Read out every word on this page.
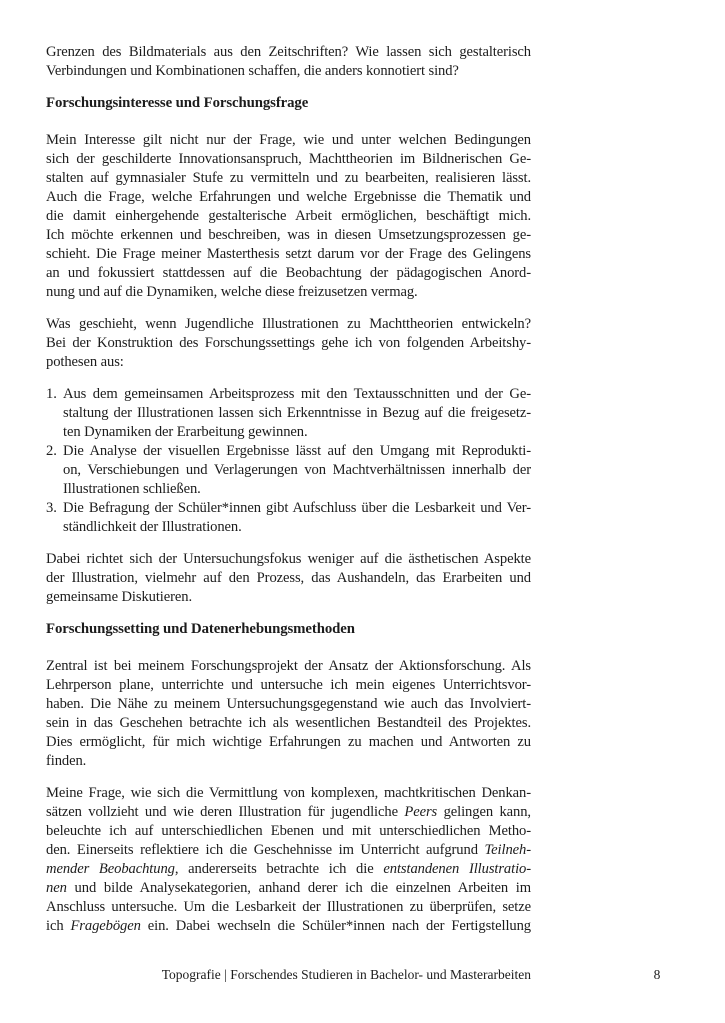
Grenzen des Bildmaterials aus den Zeitschriften? Wie lassen sich gestalterisch
Verbindungen und Kombinationen schaffen, die anders konnotiert sind?
Forschungsinteresse und Forschungsfrage
Mein Interesse gilt nicht nur der Frage, wie und unter welchen Bedingungen
sich der geschilderte Innovationsanspruch, Machttheorien im Bildnerischen Ge-
stalten auf gymnasialer Stufe zu vermitteln und zu bearbeiten, realisieren lässt.
Auch die Frage, welche Erfahrungen und welche Ergebnisse die Thematik und
die damit einhergehende gestalterische Arbeit ermöglichen, beschäftigt mich.
Ich möchte erkennen und beschreiben, was in diesen Umsetzungsprozessen ge-
schieht. Die Frage meiner Masterthesis setzt darum vor der Frage des Gelingens
an und fokussiert stattdessen auf die Beobachtung der pädagogischen Anord-
nung und auf die Dynamiken, welche diese freizusetzen vermag.
Was geschieht, wenn Jugendliche Illustrationen zu Machttheorien entwickeln?
Bei der Konstruktion des Forschungssettings gehe ich von folgenden Arbeitshy-
pothesen aus:
1. Aus dem gemeinsamen Arbeitsprozess mit den Textausschnitten und der Ge-
staltung der Illustrationen lassen sich Erkenntnisse in Bezug auf die freigesetz-
ten Dynamiken der Erarbeitung gewinnen.
2. Die Analyse der visuellen Ergebnisse lässt auf den Umgang mit Reprodukti-
on, Verschiebungen und Verlagerungen von Machtverhältnissen innerhalb der
Illustrationen schließen.
3. Die Befragung der Schüler*innen gibt Aufschluss über die Lesbarkeit und Ver-
ständlichkeit der Illustrationen.
Dabei richtet sich der Untersuchungsfokus weniger auf die ästhetischen Aspekte
der Illustration, vielmehr auf den Prozess, das Aushandeln, das Erarbeiten und
gemeinsame Diskutieren.
Forschungssetting und Datenerhebungsmethoden
Zentral ist bei meinem Forschungsprojekt der Ansatz der Aktionsforschung. Als
Lehrperson plane, unterrichte und untersuche ich mein eigenes Unterrichtsvor-
haben. Die Nähe zu meinem Untersuchungsgegenstand wie auch das Involviert-
sein in das Geschehen betrachte ich als wesentlichen Bestandteil des Projektes.
Dies ermöglicht, für mich wichtige Erfahrungen zu machen und Antworten zu
finden.
Meine Frage, wie sich die Vermittlung von komplexen, machtkritischen Denkan-
sätzen vollzieht und wie deren Illustration für jugendliche Peers gelingen kann,
beleuchte ich auf unterschiedlichen Ebenen und mit unterschiedlichen Metho-
den. Einerseits reflektiere ich die Geschehnisse im Unterricht aufgrund Teilneh-
mender Beobachtung, andererseits betrachte ich die entstandenen Illustratio-
nen und bilde Analysekategorien, anhand derer ich die einzelnen Arbeiten im
Anschluss untersuche. Um die Lesbarkeit der Illustrationen zu überprüfen, setze
ich Fragebögen ein. Dabei wechseln die Schüler*innen nach der Fertigstellung
Topografie | Forschendes Studieren in Bachelor- und Masterarbeiten	8
